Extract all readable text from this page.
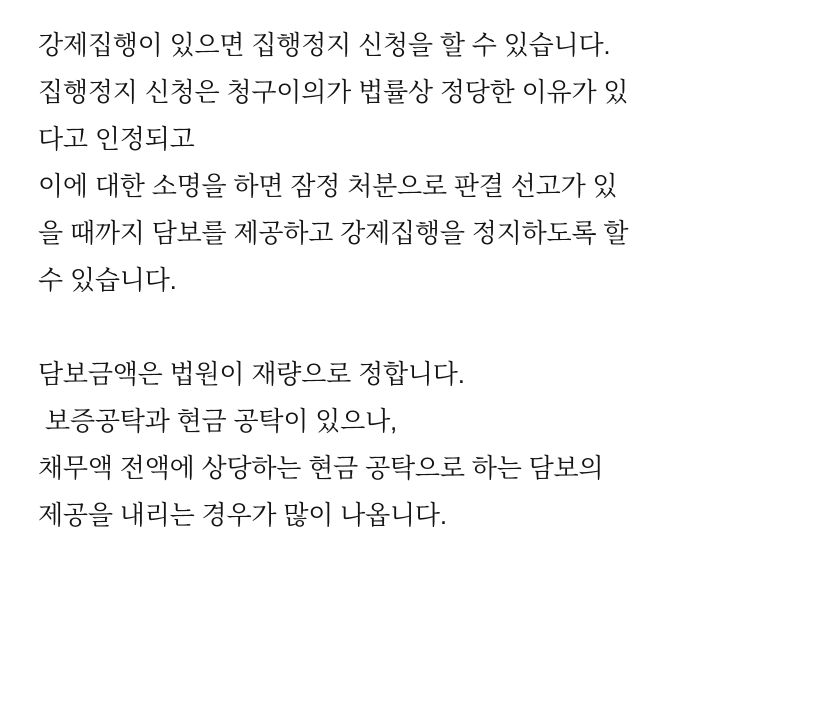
강제집행이 있으면 집행정지 신청을 할 수 있습니다.
집행정지 신청은 청구이의가 법률상 정당한 이유가 있
다고 인정되고
이에 대한 소명을 하면 잠정 처분으로 판결 선고가 있
을 때까지 담보를 제공하고 강제집행을 정지하도록 할
수 있습니다.

담보금액은 법원이 재량으로 정합니다.
보증공탁과 현금 공탁이 있으나,
채무액 전액에 상당하는 현금 공탁으로 하는 담보의
제공을 내리는 경우가 많이 나옵니다.
